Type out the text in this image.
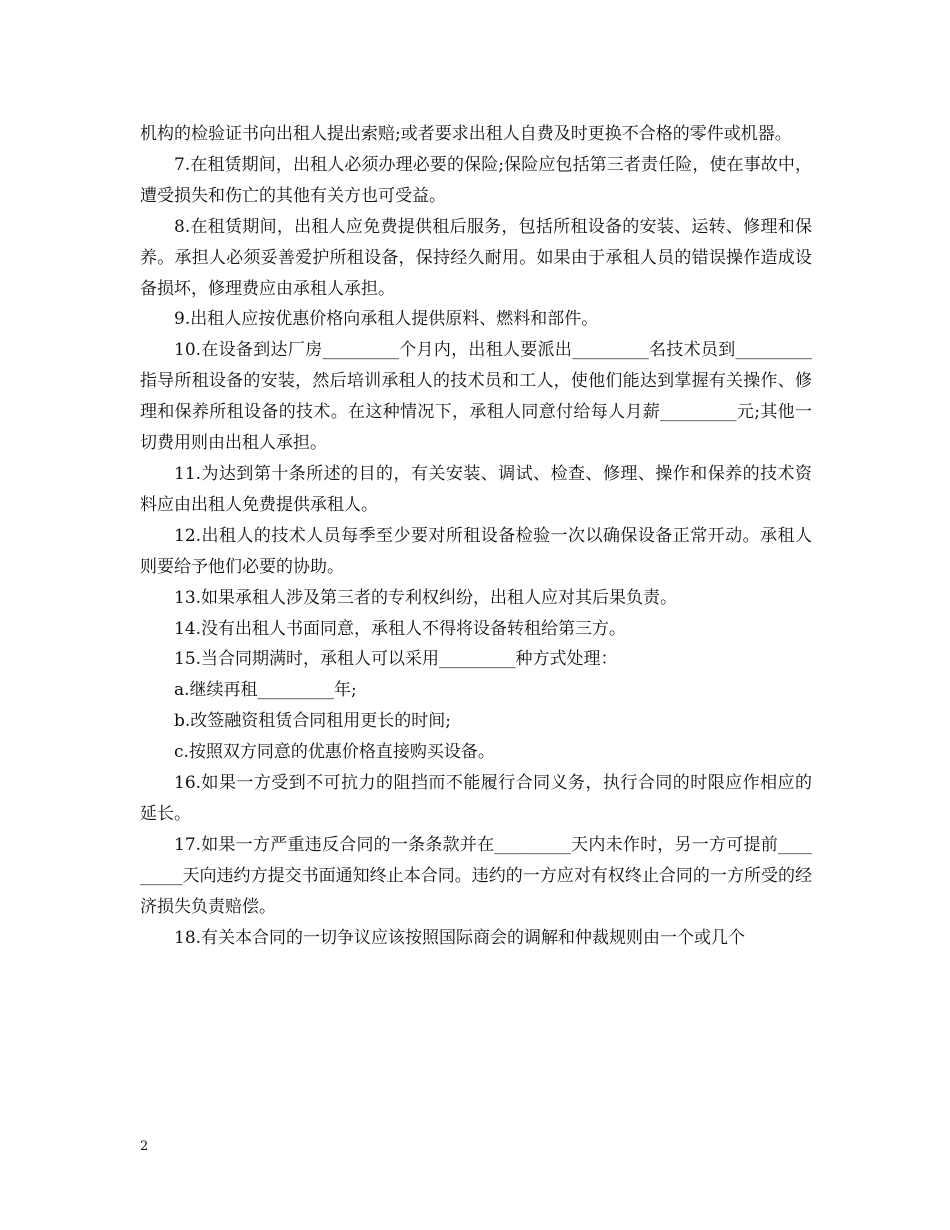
机构的检验证书向出租人提出索赔;或者要求出租人自费及时更换不合格的零件或机器。

7.在租赁期间，出租人必须办理必要的保险;保险应包括第三者责任险，使在事故中，遭受损失和伤亡的其他有关方也可受益。

8.在租赁期间，出租人应免费提供租后服务，包括所租设备的安装、运转、修理和保养。承担人必须妥善爱护所租设备，保持经久耐用。如果由于承租人员的错误操作造成设备损坏，修理费应由承租人承担。

9.出租人应按优惠价格向承租人提供原料、燃料和部件。

10.在设备到达厂房_________个月内，出租人要派出_________名技术员到_________指导所租设备的安装，然后培训承租人的技术员和工人，使他们能达到掌握有关操作、修理和保养所租设备的技术。在这种情况下，承租人同意付给每人月薪_________元;其他一切费用则由出租人承担。

11.为达到第十条所述的目的，有关安装、调试、检查、修理、操作和保养的技术资料应由出租人免费提供承租人。

12.出租人的技术人员每季至少要对所租设备检验一次以确保设备正常开动。承租人则要给予他们必要的协助。

13.如果承租人涉及第三者的专利权纠纷，出租人应对其后果负责。

14.没有出租人书面同意，承租人不得将设备转租给第三方。

15.当合同期满时，承租人可以采用_________种方式处理：

a.继续再租_________年;

b.改签融资租赁合同租用更长的时间;

c.按照双方同意的优惠价格直接购买设备。

16.如果一方受到不可抗力的阻挡而不能履行合同义务，执行合同的时限应作相应的延长。

17.如果一方严重违反合同的一条条款并在_________天内未作时，另一方可提前_________天向违约方提交书面通知终止本合同。违约的一方应对有权终止合同的一方所受的经济损失负责赔偿。

18.有关本合同的一切争议应该按照国际商会的调解和仲裁规则由一个或几个

2
